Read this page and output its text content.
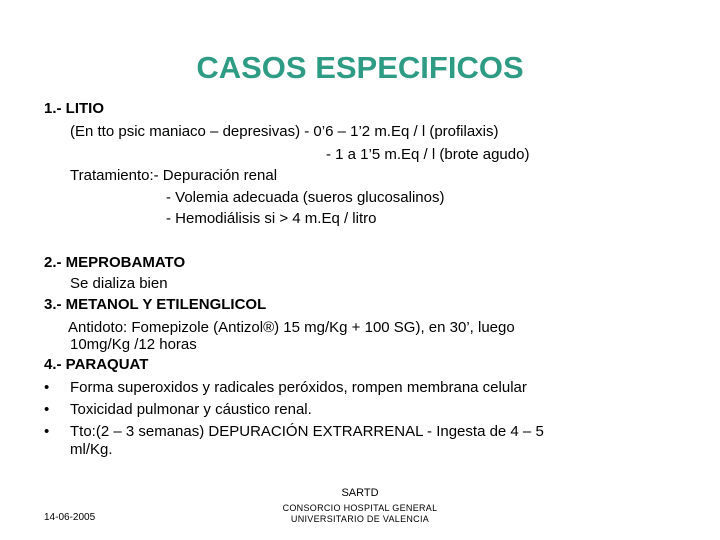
CASOS ESPECIFICOS
1.- LITIO
(En tto psic maniaco – depresivas) - 0’6 – 1’2 m.Eq / l (profilaxis)
- 1 a 1’5 m.Eq / l (brote agudo)
Tratamiento:- Depuración renal
- Volemia adecuada (sueros glucosalinos)
- Hemodiálisis si > 4 m.Eq / litro
2.- MEPROBAMATO
Se dializa bien
3.- METANOL Y ETILENGLICOL
Antidoto: Fomepizole (Antizol®) 15 mg/Kg + 100 SG), en 30’, luego
10mg/Kg /12 horas
4.- PARAQUAT
• Forma superoxidos y radicales peróxidos, rompen membrana celular
• Toxicidad pulmonar y cáustico renal.
• Tto:(2 – 3 semanas) DEPURACIÓN EXTRARRENAL - Ingesta de 4 – 5
ml/Kg.
SARTD
CONSORCIO HOSPITAL GENERAL
UNIVERSITARIO DE VALENCIA
14-06-2005
